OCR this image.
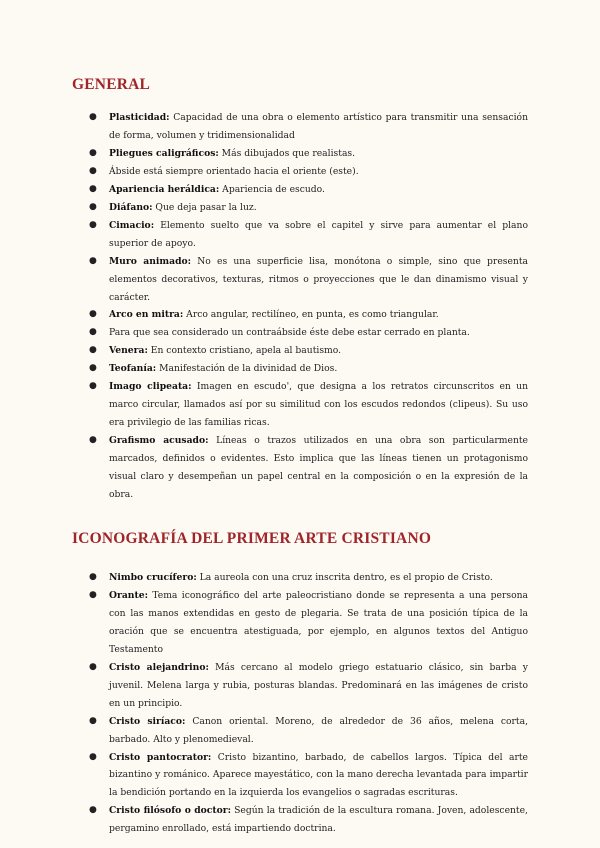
GENERAL
● Plasticidad: Capacidad de una obra o elemento artístico para transmitir una sensación de forma, volumen y tridimensionalidad
● Pliegues caligráficos: Más dibujados que realistas.
● Ábside está siempre orientado hacia el oriente (este).
● Apariencia heráldica: Apariencia de escudo.
● Diáfano: Que deja pasar la luz.
● Cimacio: Elemento suelto que va sobre el capitel y sirve para aumentar el plano superior de apoyo.
● Muro animado: No es una superficie lisa, monótona o simple, sino que presenta elementos decorativos, texturas, ritmos o proyecciones que le dan dinamismo visual y carácter.
● Arco en mitra: Arco angular, rectilíneo, en punta, es como triangular.
● Para que sea considerado un contraábside éste debe estar cerrado en planta.
● Venera: En contexto cristiano, apela al bautismo.
● Teofanía: Manifestación de la divinidad de Dios.
● Imago clipeata: Imagen en escudo', que designa a los retratos circunscritos en un marco circular, llamados así por su similitud con los escudos redondos (clipeus). Su uso era privilegio de las familias ricas.
● Grafismo acusado: Líneas o trazos utilizados en una obra son particularmente marcados, definidos o evidentes. Esto implica que las líneas tienen un protagonismo visual claro y desempeñan un papel central en la composición o en la expresión de la obra.
ICONOGRAFÍA DEL PRIMER ARTE CRISTIANO
● Nimbo crucífero: La aureola con una cruz inscrita dentro, es el propio de Cristo.
● Orante: Tema iconográfico del arte paleocristiano donde se representa a una persona con las manos extendidas en gesto de plegaria. Se trata de una posición típica de la oración que se encuentra atestiguada, por ejemplo, en algunos textos del Antiguo Testamento
● Cristo alejandrino: Más cercano al modelo griego estatuario clásico, sin barba y juvenil. Melena larga y rubia, posturas blandas. Predominará en las imágenes de cristo en un principio.
● Cristo siríaco: Canon oriental. Moreno, de alrededor de 36 años, melena corta, barbado. Alto y plenomedieval.
● Cristo pantocrator: Cristo bizantino, barbado, de cabellos largos. Típica del arte bizantino y románico. Aparece mayestático, con la mano derecha levantada para impartir la bendición portando en la izquierda los evangelios o sagradas escrituras.
● Cristo filósofo o doctor: Según la tradición de la escultura romana. Joven, adolescente, pergamino enrollado, está impartiendo doctrina.
